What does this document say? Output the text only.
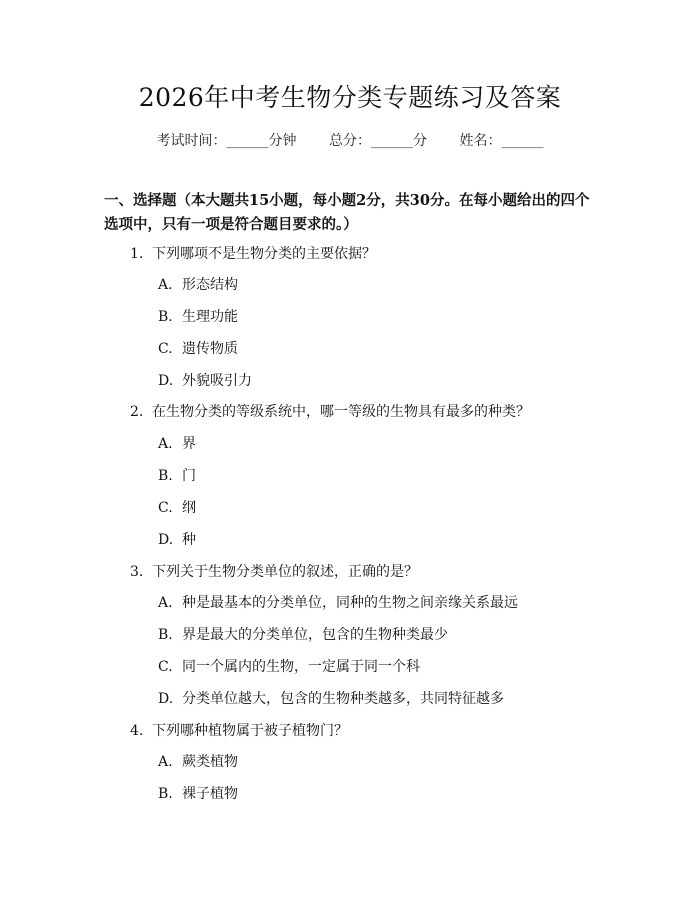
2026年中考生物分类专题练习及答案
考试时间：______分钟 总分：______分 姓名：______
一、选择题（本大题共15小题，每小题2分，共30分。在每小题给出的四个选项中，只有一项是符合题目要求的。）
1. 下列哪项不是生物分类的主要依据？
A. 形态结构
B. 生理功能
C. 遗传物质
D. 外貌吸引力
2. 在生物分类的等级系统中，哪一等级的生物具有最多的种类？
A. 界
B. 门
C. 纲
D. 种
3. 下列关于生物分类单位的叙述，正确的是？
A. 种是最基本的分类单位，同种的生物之间亲缘关系最远
B. 界是最大的分类单位，包含的生物种类最少
C. 同一个属内的生物，一定属于同一个科
D. 分类单位越大，包含的生物种类越多，共同特征越多
4. 下列哪种植物属于被子植物门？
A. 蕨类植物
B. 裸子植物
